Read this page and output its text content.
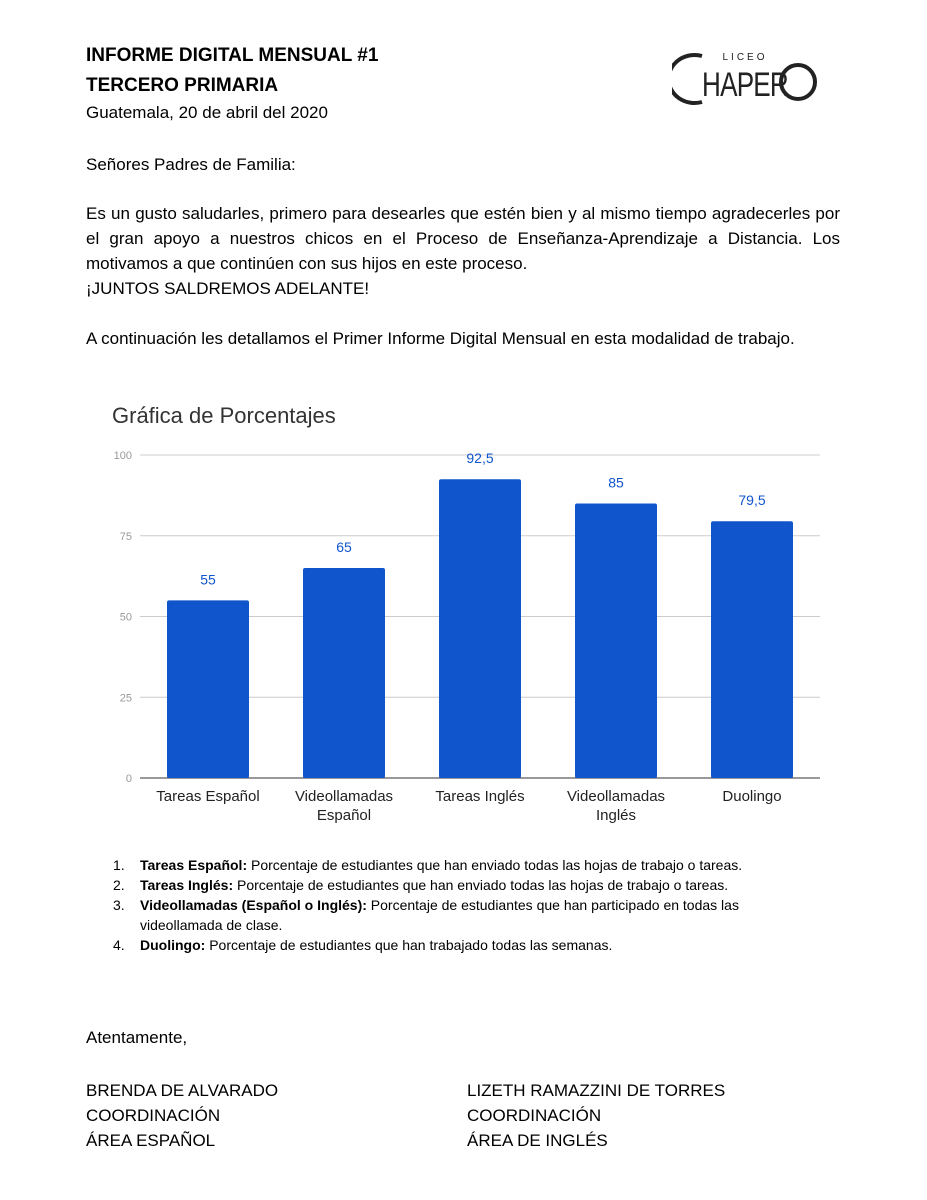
INFORME DIGITAL MENSUAL #1
TERCERO PRIMARIA
Guatemala, 20 de abril del 2020
LICEO
HAPER
Señores Padres de Familia:
Es un gusto saludarles, primero para desearles que estén bien y al mismo tiempo agradecerles por el gran apoyo a nuestros chicos en el Proceso de Enseñanza-Aprendizaje a Distancia. Los motivamos a que continúen con sus hijos en este proceso.
¡JUNTOS SALDREMOS ADELANTE!
A continuación les detallamos el Primer Informe Digital Mensual en esta modalidad de trabajo.
0
25
50
75
100
55
Tareas Español
65
Videollamadas
Español
92,5
Tareas Inglés
85
Videollamadas
Inglés
79,5
Duolingo
Gráfica de Porcentajes
1. Tareas Español: Porcentaje de estudiantes que han enviado todas las hojas de trabajo o tareas.
2. Tareas Inglés: Porcentaje de estudiantes que han enviado todas las hojas de trabajo o tareas.
3. Videollamadas (Español o Inglés): Porcentaje de estudiantes que han participado en todas las videollamada de clase.
4. Duolingo: Porcentaje de estudiantes que han trabajado todas las semanas.
Atentamente,
BRENDA DE ALVARADO
COORDINACIÓN
ÁREA ESPAÑOL
LIZETH RAMAZZINI DE TORRES
COORDINACIÓN
ÁREA DE INGLÉS
